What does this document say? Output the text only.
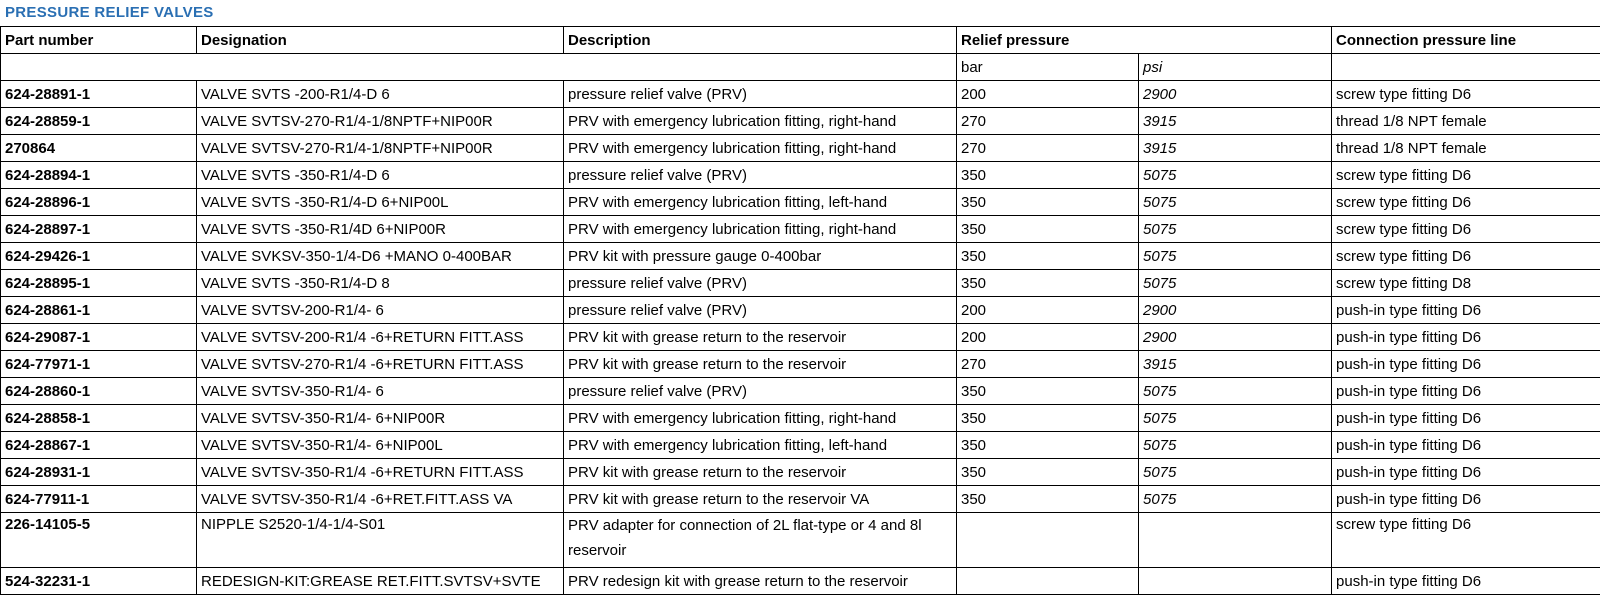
PRESSURE RELIEF VALVES
Part number	Designation	Description	Relief pressure		Connection pressure line
			bar	psi	
624-28891-1	VALVE SVTS -200-R1/4-D 6	pressure relief valve (PRV)	200	2900	screw type fitting D6
624-28859-1	VALVE SVTSV-270-R1/4-1/8NPTF+NIP00R	PRV with emergency lubrication fitting, right-hand	270	3915	thread 1/8 NPT female
270864	VALVE SVTSV-270-R1/4-1/8NPTF+NIP00R	PRV with emergency lubrication fitting, right-hand	270	3915	thread 1/8 NPT female
624-28894-1	VALVE SVTS -350-R1/4-D 6	pressure relief valve (PRV)	350	5075	screw type fitting D6
624-28896-1	VALVE SVTS -350-R1/4-D 6+NIP00L	PRV with emergency lubrication fitting, left-hand	350	5075	screw type fitting D6
624-28897-1	VALVE SVTS -350-R1/4D 6+NIP00R	PRV with emergency lubrication fitting, right-hand	350	5075	screw type fitting D6
624-29426-1	VALVE SVKSV-350-1/4-D6 +MANO 0-400BAR	PRV kit with pressure gauge 0-400bar	350	5075	screw type fitting D6
624-28895-1	VALVE SVTS -350-R1/4-D 8	pressure relief valve (PRV)	350	5075	screw type fitting D8
624-28861-1	VALVE SVTSV-200-R1/4- 6	pressure relief valve (PRV)	200	2900	push-in type fitting D6
624-29087-1	VALVE SVTSV-200-R1/4 -6+RETURN FITT.ASS	PRV kit with grease return to the reservoir	200	2900	push-in type fitting D6
624-77971-1	VALVE SVTSV-270-R1/4 -6+RETURN FITT.ASS	PRV kit with grease return to the reservoir	270	3915	push-in type fitting D6
624-28860-1	VALVE SVTSV-350-R1/4- 6	pressure relief valve (PRV)	350	5075	push-in type fitting D6
624-28858-1	VALVE SVTSV-350-R1/4- 6+NIP00R	PRV with emergency lubrication fitting, right-hand	350	5075	push-in type fitting D6
624-28867-1	VALVE SVTSV-350-R1/4- 6+NIP00L	PRV with emergency lubrication fitting, left-hand	350	5075	push-in type fitting D6
624-28931-1	VALVE SVTSV-350-R1/4 -6+RETURN FITT.ASS	PRV kit with grease return to the reservoir	350	5075	push-in type fitting D6
624-77911-1	VALVE SVTSV-350-R1/4 -6+RET.FITT.ASS VA	PRV kit with grease return to the reservoir VA	350	5075	push-in type fitting D6
226-14105-5	NIPPLE S2520-1/4-1/4-S01	PRV adapter for connection of 2L flat-type or 4 and 8l reservoir			screw type fitting D6
524-32231-1	REDESIGN-KIT:GREASE RET.FITT.SVTSV+SVTE	PRV redesign kit with grease return to the reservoir			push-in type fitting D6
